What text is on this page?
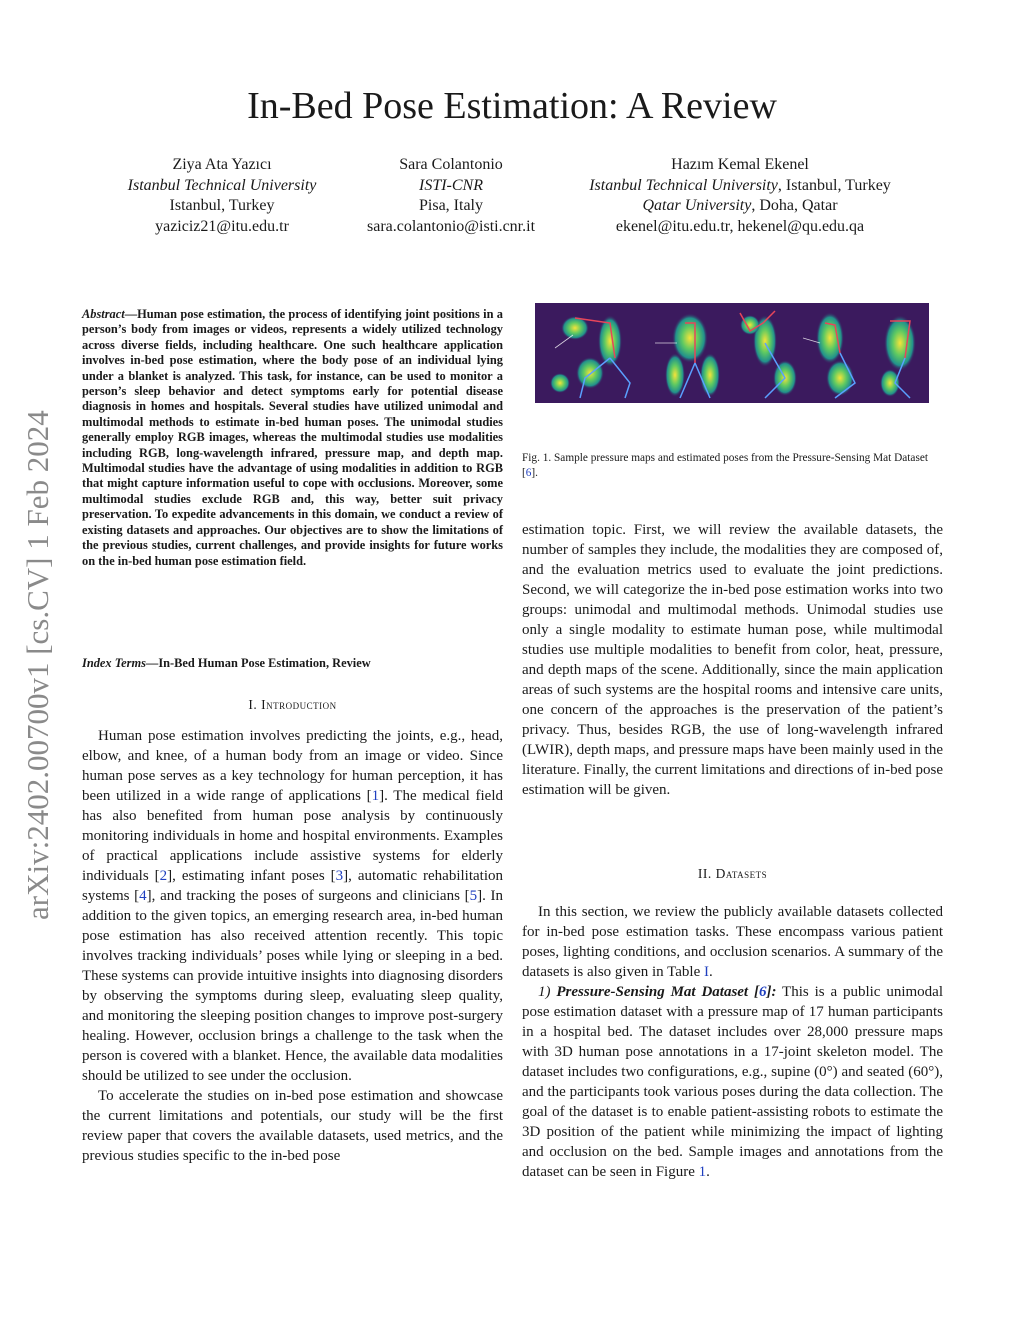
arXiv:2402.00700v1 [cs.CV] 1 Feb 2024
In-Bed Pose Estimation: A Review
Ziya Ata Yazıcı
Istanbul Technical University
Istanbul, Turkey
yaziciz21@itu.edu.tr
Sara Colantonio
ISTI-CNR
Pisa, Italy
sara.colantonio@isti.cnr.it
Hazım Kemal Ekenel
Istanbul Technical University, Istanbul, Turkey
Qatar University, Doha, Qatar
ekenel@itu.edu.tr, hekenel@qu.edu.qa
Abstract—Human pose estimation, the process of identifying joint positions in a person’s body from images or videos, represents a widely utilized technology across diverse fields, including healthcare. One such healthcare application involves in-bed pose estimation, where the body pose of an individual lying under a blanket is analyzed. This task, for instance, can be used to monitor a person’s sleep behavior and detect symptoms early for potential disease diagnosis in homes and hospitals. Several studies have utilized unimodal and multimodal methods to estimate in-bed human poses. The unimodal studies generally employ RGB images, whereas the multimodal studies use modalities including RGB, long-wavelength infrared, pressure map, and depth map. Multimodal studies have the advantage of using modalities in addition to RGB that might capture information useful to cope with occlusions. Moreover, some multimodal studies exclude RGB and, this way, better suit privacy preservation. To expedite advancements in this domain, we conduct a review of existing datasets and approaches. Our objectives are to show the limitations of the previous studies, current challenges, and provide insights for future works on the in-bed human pose estimation field.
Index Terms—In-Bed Human Pose Estimation, Review
I. Introduction

Human pose estimation involves predicting the joints, e.g., head, elbow, and knee, of a human body from an image or video. Since human pose serves as a key technology for human perception, it has been utilized in a wide range of applications [1]. The medical field has also benefited from human pose analysis by continuously monitoring individuals in home and hospital environments. Examples of practical applications include assistive systems for elderly individuals [2], estimating infant poses [3], automatic rehabilitation systems [4], and tracking the poses of surgeons and clinicians [5]. In addition to the given topics, an emerging research area, in-bed human pose estimation has also received attention recently. This topic involves tracking individuals’ poses while lying or sleeping in a bed. These systems can provide intuitive insights into diagnosing disorders by observing the symptoms during sleep, evaluating sleep quality, and monitoring the sleeping position changes to improve post-surgery healing. However, occlusion brings a challenge to the task when the person is covered with a blanket. Hence, the available data modalities should be utilized to see under the occlusion.

To accelerate the studies on in-bed pose estimation and showcase the current limitations and potentials, our study will be the first review paper that covers the available datasets, used metrics, and the previous studies specific to the in-bed pose

Fig. 1. Sample pressure maps and estimated poses from the Pressure-Sensing Mat Dataset [6].

estimation topic. First, we will review the available datasets, the number of samples they include, the modalities they are composed of, and the evaluation metrics used to evaluate the joint predictions. Second, we will categorize the in-bed pose estimation works into two groups: unimodal and multimodal methods. Unimodal studies use only a single modality to estimate human pose, while multimodal studies use multiple modalities to benefit from color, heat, pressure, and depth maps of the scene. Additionally, since the main application areas of such systems are the hospital rooms and intensive care units, one concern of the approaches is the preservation of the patient’s privacy. Thus, besides RGB, the use of long-wavelength infrared (LWIR), depth maps, and pressure maps have been mainly used in the literature. Finally, the current limitations and directions of in-bed pose estimation will be given.

II. Datasets

In this section, we review the publicly available datasets collected for in-bed pose estimation tasks. These encompass various patient poses, lighting conditions, and occlusion scenarios. A summary of the datasets is also given in Table I.

1) Pressure-Sensing Mat Dataset [6]: This is a public unimodal pose estimation dataset with a pressure map of 17 human participants in a hospital bed. The dataset includes over 28,000 pressure maps with 3D human pose annotations in a 17-joint skeleton model. The dataset includes two configurations, e.g., supine (0°) and seated (60°), and the participants took various poses during the data collection. The goal of the dataset is to enable patient-assisting robots to estimate the 3D position of the patient while minimizing the impact of lighting and occlusion on the bed. Sample images and annotations from the dataset can be seen in Figure 1.
